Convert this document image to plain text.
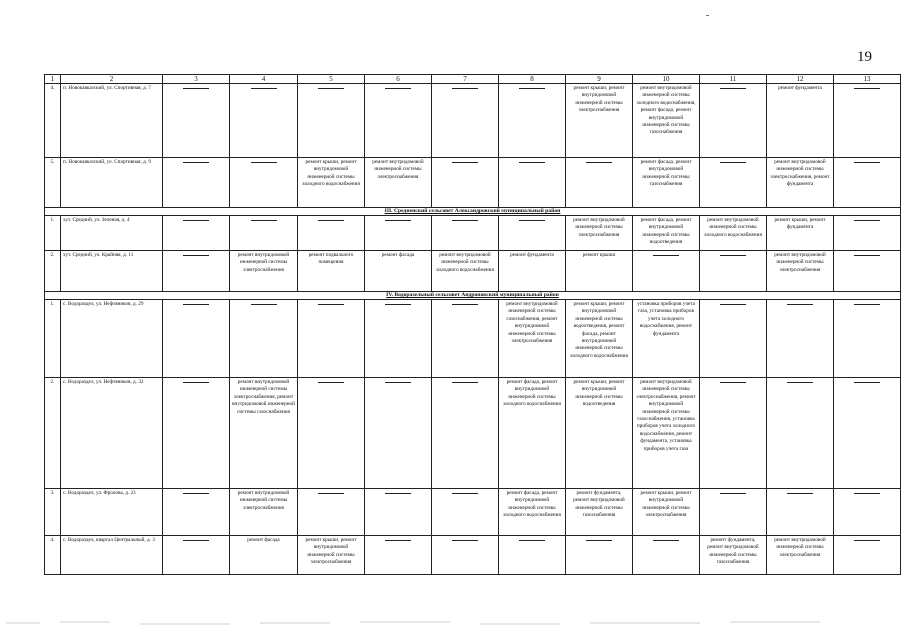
19
1	2	3	4	5	6	7	8	9	10	11	12	13
4.	п. Новокавказский, ул. Спортивная, д. 7							ремонт крыши, ремонт внутридомовой инженерной системы электроснабжения	ремонт внутридомовой инженерной системы холодного водоснабжения, ремонт фасада, ремонт внутридомовой инженерной системы газоснабжения		ремонт фундамента	
5.	п. Новокавказский, ул. Спортивная, д. 9			ремонт крыши, ремонт внутридомовой инженерной системы холодного водоснабжения	ремонт внутридомовой инженерной системы электроснабжения				ремонт фасада, ремонт внутридомовой инженерной системы газоснабжения		ремонт внутридомовой инженерной системы электроснабжения, ремонт фундамента	
III. Средненский сельсовет Александровский муниципальный район												
1.	хут. Средний, ул. Зеленая, д. 4							ремонт внутридомовой инженерной системы электроснабжения	ремонт фасада, ремонт внутридомовой инженерной системы водоотведения	ремонт внутридомовой инженерной системы холодного водоснабжения	ремонт крыши, ремонт фундамента	
2.	хут. Средний, ул. Крайняя, д. 11		ремонт внутридомовой инженерной системы электроснабжения	ремонт подвального помещения	ремонт фасада	ремонт внутридомовой инженерной системы холодного водоснабжения	ремонт фундамента	ремонт крыши			ремонт внутридомовой инженерной системы электроснабжения	
IV. Водоразельный сельсовет Андроповский муниципальный район												
1.	с. Водораздел, ул. Нефтяников, д. 29						ремонт внутридомовой инженерной системы газоснабжения, ремонт внутридомовой инженерной системы электроснабжения	ремонт крыши, ремонт внутридомовой инженерной системы водоотведения, ремонт фасада, ремонт внутридомовой инженерной системы холодного водоснабжения	установка приборов учета газа, установка приборов учета холодного водоснабжения, ремонт фундамента			
2.	с. Водораздел, ул. Нефтяников, д. 32		ремонт внутридомовой инженерной системы электроснабжения, ремонт внутридомовой инженерной системы газоснабжения				ремонт фасада, ремонт внутридомовой инженерной системы холодного водоснабжения	ремонт крыши, ремонт внутридомовой инженерной системы водоотведения	ремонт внутридомовой инженерной системы электроснабжения, ремонт внутридомовой инженерной системы газоснабжения, установка приборов учета холодного водоснабжения, ремонт фундамента, установка приборов учета газа			
3.	с. Водораздел, ул. Фролова, д. 23		ремонт внутридомовой инженерной системы электроснабжения				ремонт фасада, ремонт внутридомовой инженерной системы холодного водоснабжения	ремонт фундамента, ремонт внутридомовой инженерной системы газоснабжения	ремонт крыши, ремонт внутридомовой инженерной системы электроснабжения			
4.	с. Водораздел, квартал Центральный, д. 3		ремонт фасада	ремонт крыши, ремонт внутридомовой инженерной системы электроснабжения						ремонт фундамента, ремонт внутридомовой инженерной системы газоснабжения	ремонт внутридомовой инженерной системы электроснабжения	
